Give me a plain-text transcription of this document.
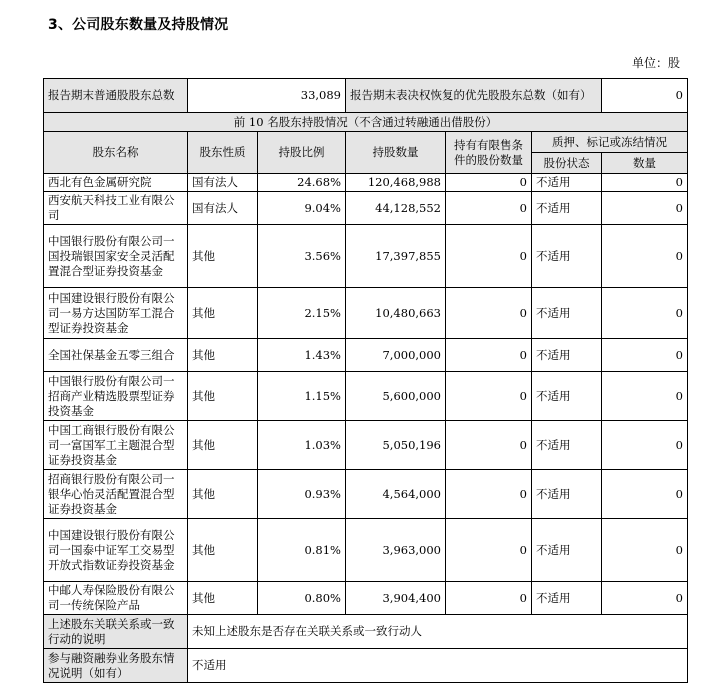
3、公司股东数量及持股情况
单位：股
报告期末普通股股东总数	33,089		报告期末表决权恢复的优先股股东总数（如有）			0
前 10 名股东持股情况（不含通过转融通出借股份）						
股东名称	股东性质	持股比例	持股数量	持有有限售条件的股份数量	质押、标记或冻结情况	
					股份状态	数量
西北有色金属研究院	国有法人	24.68%	120,468,988	0	不适用	0
西安航天科技工业有限公司	国有法人	9.04%	44,128,552	0	不适用	0
中国银行股份有限公司一国投瑞银国家安全灵活配置混合型证券投资基金	其他	3.56%	17,397,855	0	不适用	0
中国建设银行股份有限公司一易方达国防军工混合型证券投资基金	其他	2.15%	10,480,663	0	不适用	0
全国社保基金五零三组合	其他	1.43%	7,000,000	0	不适用	0
中国银行股份有限公司一招商产业精选股票型证券投资基金	其他	1.15%	5,600,000	0	不适用	0
中国工商银行股份有限公司一富国军工主题混合型证券投资基金	其他	1.03%	5,050,196	0	不适用	0
招商银行股份有限公司一银华心怡灵活配置混合型证券投资基金	其他	0.93%	4,564,000	0	不适用	0
中国建设银行股份有限公司一国泰中证军工交易型开放式指数证券投资基金	其他	0.81%	3,963,000	0	不适用	0
中邮人寿保险股份有限公司一传统保险产品	其他	0.80%	3,904,400	0	不适用	0
上述股东关联关系或一致行动的说明	未知上述股东是否存在关联关系或一致行动人					
参与融资融券业务股东情况说明（如有）	不适用					
